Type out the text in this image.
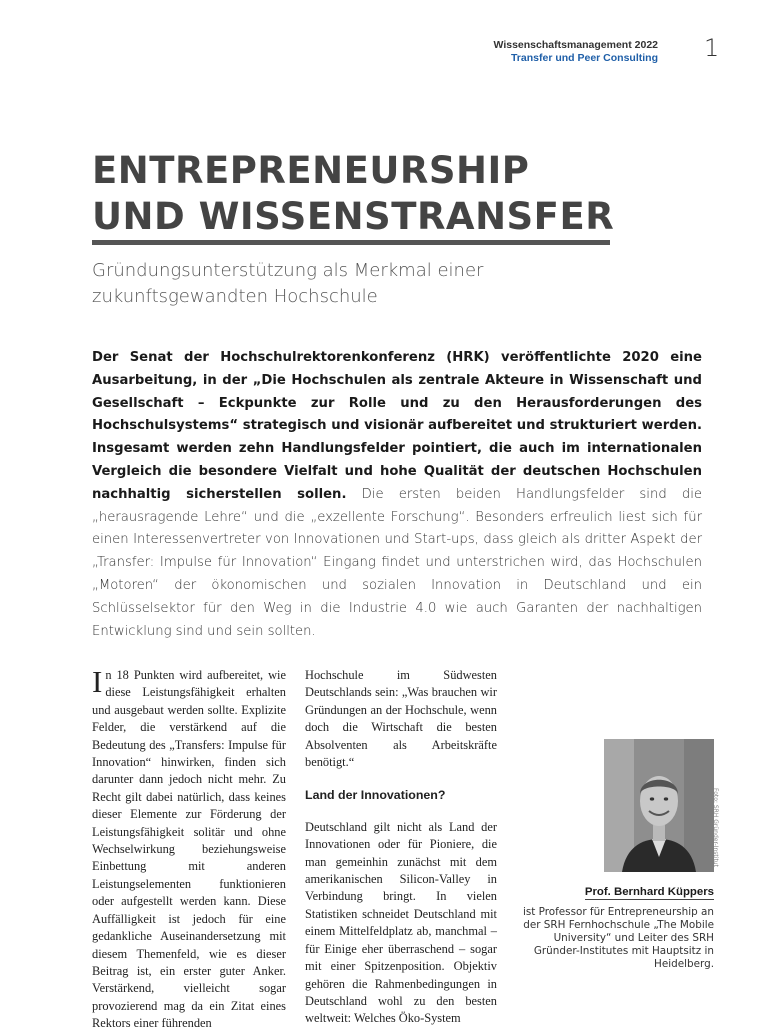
Wissenschaftsmanagement 2022
Transfer und Peer Consulting 1
ENTREPRENEURSHIP
UND WISSENSTRANSFER
Gründungsunterstützung als Merkmal einer zukunftsgewandten Hochschule
Der Senat der Hochschulrektorenkonferenz (HRK) veröffentlichte 2020 eine Ausarbeitung, in der „Die Hochschulen als zentrale Akteure in Wissenschaft und Gesellschaft – Eckpunkte zur Rolle und zu den Herausforderungen des Hochschulsystems“ strategisch und visionär aufbereitet und strukturiert werden. Insgesamt werden zehn Handlungsfelder pointiert, die auch im internationalen Vergleich die besondere Vielfalt und hohe Qualität der deutschen Hochschulen nachhaltig sicherstellen sollen. Die ersten beiden Handlungsfelder sind die „herausragende Lehre“ und die „exzellente Forschung“. Besonders erfreulich liest sich für einen Interessenvertreter von Innovationen und Start-ups, dass gleich als dritter Aspekt der „Transfer: Impulse für Innovation“ Eingang findet und unterstrichen wird, das Hochschulen „Motoren“ der ökonomischen und sozialen Innovation in Deutschland und ein Schlüsselsektor für den Weg in die Industrie 4.0 wie auch Garanten der nachhaltigen Entwicklung sind und sein sollten.

In 18 Punkten wird aufbereitet, wie diese Leistungsfähigkeit erhalten und ausgebaut werden sollte. Explizite Felder, die verstärkend auf die Bedeutung des „Transfers: Impulse für Innovation“ hinwirken, finden sich darunter dann jedoch nicht mehr. Zu Recht gilt dabei natürlich, dass keines dieser Elemente zur Förderung der Leistungsfähigkeit solitär und ohne Wechselwirkung beziehungsweise Einbettung mit anderen Leistungselementen funktionieren oder aufgestellt werden kann. Diese Auffälligkeit ist jedoch für eine gedankliche Auseinandersetzung mit diesem Themenfeld, wie es dieser Beitrag ist, ein erster guter Anker. Verstärkend, vielleicht sogar provozierend mag da ein Zitat eines Rektors einer führenden

Hochschule im Südwesten Deutschlands sein: „Was brauchen wir Gründungen an der Hochschule, wenn doch die Wirtschaft die besten Absolventen als Arbeitskräfte benötigt.“

Land der Innovationen?

Deutschland gilt nicht als Land der Innovationen oder für Pioniere, die man gemeinhin zunächst mit dem amerikanischen Silicon-Valley in Verbindung bringt. In vielen Statistiken schneidet Deutschland mit einem Mittelfeldplatz ab, manchmal – für Einige eher überraschend – sogar mit einer Spitzenposition. Objektiv gehören die Rahmenbedingungen in Deutschland wohl zu den besten weltweit: Welches Öko-System

Foto: SRH Gründer-Institut
Prof. Bernhard Küppers
ist Professor für Entrepreneurship an der SRH Fernhochschule „The Mobile University“ und Leiter des SRH Gründer-Institutes mit Hauptsitz in Heidelberg.
